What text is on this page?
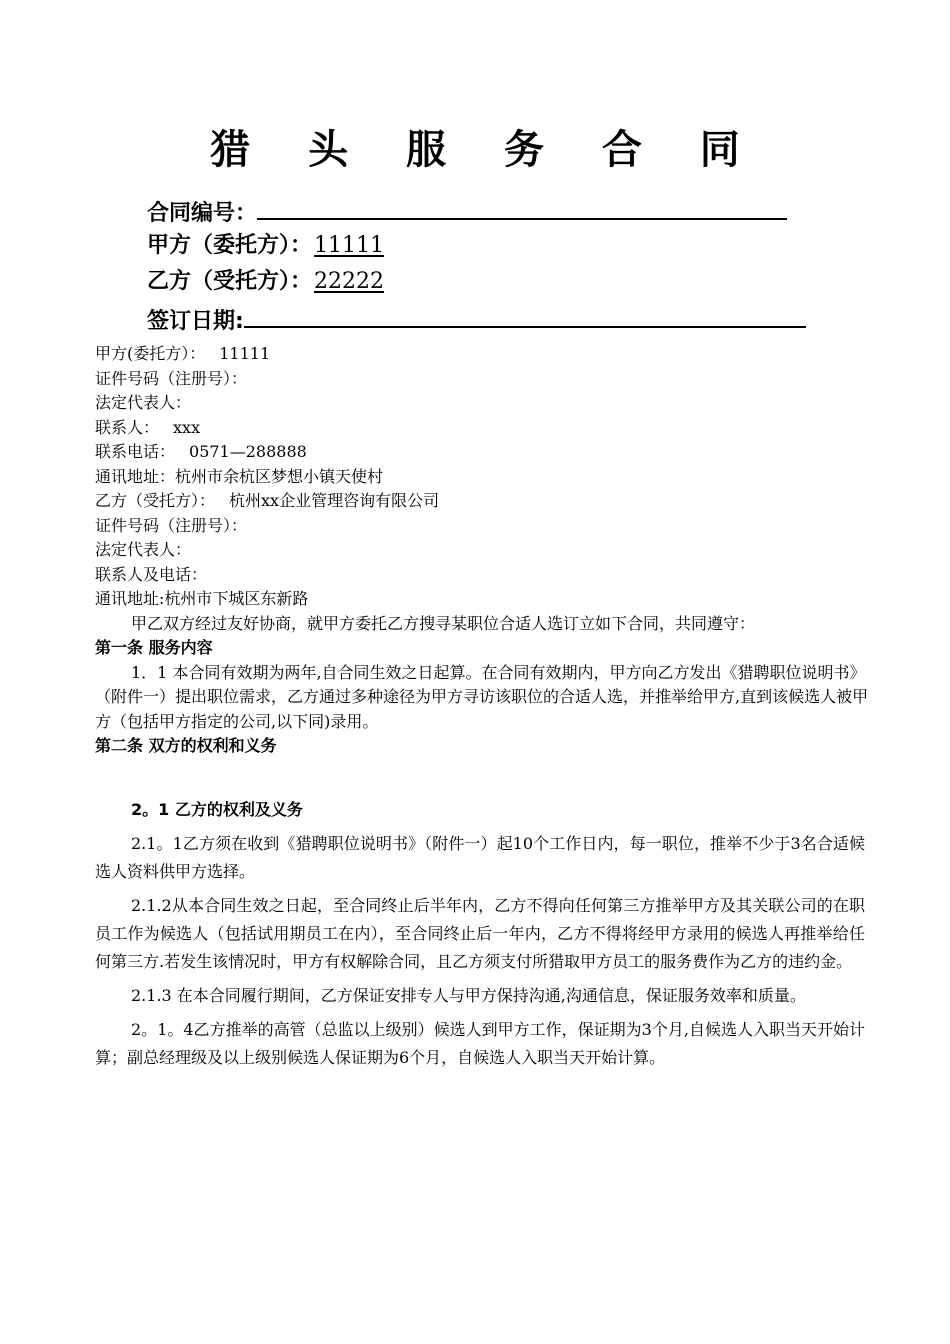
猎 头 服 务 合 同
合同编号：
甲方（委托方）：11111
乙方（受托方）：22222
签订日期:
甲方(委托方）： 11111
证件号码（注册号）：
法定代表人：
联系人： xxx
联系电话： 0571—288888
通讯地址：杭州市余杭区梦想小镇天使村
乙方（受托方）： 杭州xx企业管理咨询有限公司
证件号码（注册号）：
法定代表人：
联系人及电话：
通讯地址:杭州市下城区东新路
甲乙双方经过友好协商，就甲方委托乙方搜寻某职位合适人选订立如下合同，共同遵守：
第一条 服务内容
1．1 本合同有效期为两年,自合同生效之日起算。在合同有效期内，甲方向乙方发出《猎聘职位说明书》（附件一）提出职位需求，乙方通过多种途径为甲方寻访该职位的合适人选，并推举给甲方,直到该候选人被甲方（包括甲方指定的公司,以下同)录用。
第二条 双方的权利和义务
2。1 乙方的权利及义务

2.1。1乙方须在收到《猎聘职位说明书》（附件一）起10个工作日内，每一职位，推举不少于3名合适候选人资料供甲方选择。

2.1.2从本合同生效之日起，至合同终止后半年内，乙方不得向任何第三方推举甲方及其关联公司的在职员工作为候选人（包括试用期员工在内），至合同终止后一年内，乙方不得将经甲方录用的候选人再推举给任何第三方.若发生该情况时，甲方有权解除合同，且乙方须支付所猎取甲方员工的服务费作为乙方的违约金。

2.1.3 在本合同履行期间，乙方保证安排专人与甲方保持沟通,沟通信息，保证服务效率和质量。

2。1。4乙方推举的高管（总监以上级别）候选人到甲方工作，保证期为3个月,自候选人入职当天开始计算；副总经理级及以上级别候选人保证期为6个月，自候选人入职当天开始计算。
